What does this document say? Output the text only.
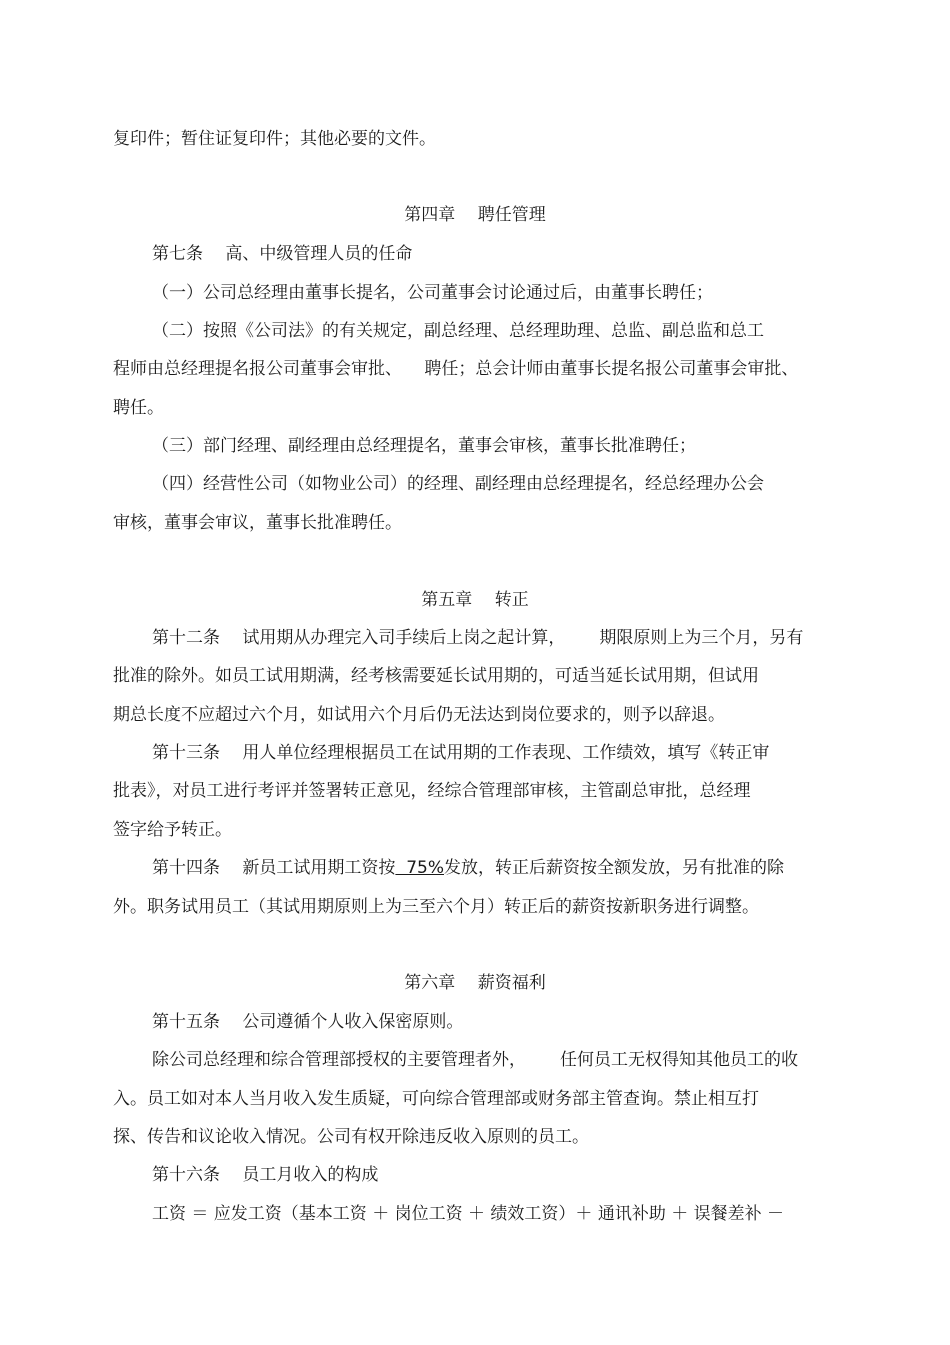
复印件；暂住证复印件；其他必要的文件。
第四章  聘任管理
第七条  高、中级管理人员的任命
（一）公司总经理由董事长提名，公司董事会讨论通过后，由董事长聘任；
（二）按照《公司法》的有关规定，副总经理、总经理助理、总监、副总监和总工
程师由总经理提名报公司董事会审批、  聘任；总会计师由董事长提名报公司董事会审批、
聘任。
（三）部门经理、副经理由总经理提名，董事会审核，董事长批准聘任；
（四）经营性公司（如物业公司）的经理、副经理由总经理提名，经总经理办公会
审核，董事会审议，董事长批准聘任。
第五章  转正
第十二条  试用期从办理完入司手续后上岗之起计算，  期限原则上为三个月，另有
批准的除外。如员工试用期满，经考核需要延长试用期的，可适当延长试用期，但试用
期总长度不应超过六个月，如试用六个月后仍无法达到岗位要求的，则予以辞退。
第十三条  用人单位经理根据员工在试用期的工作表现、工作绩效，填写《转正审
批表》，对员工进行考评并签署转正意见，经综合管理部审核，主管副总审批，总经理
签字给予转正。
第十四条  新员工试用期工资按  75%发放，转正后薪资按全额发放，另有批准的除
外。职务试用员工（其试用期原则上为三至六个月）转正后的薪资按新职务进行调整。
第六章  薪资福利
第十五条  公司遵循个人收入保密原则。
除公司总经理和综合管理部授权的主要管理者外，  任何员工无权得知其他员工的收
入。员工如对本人当月收入发生质疑，可向综合管理部或财务部主管查询。禁止相互打
探、传告和议论收入情况。公司有权开除违反收入原则的员工。
第十六条  员工月收入的构成
工资 ＝ 应发工资（基本工资 ＋ 岗位工资 ＋ 绩效工资）＋ 通讯补助 ＋ 误餐差补 －
